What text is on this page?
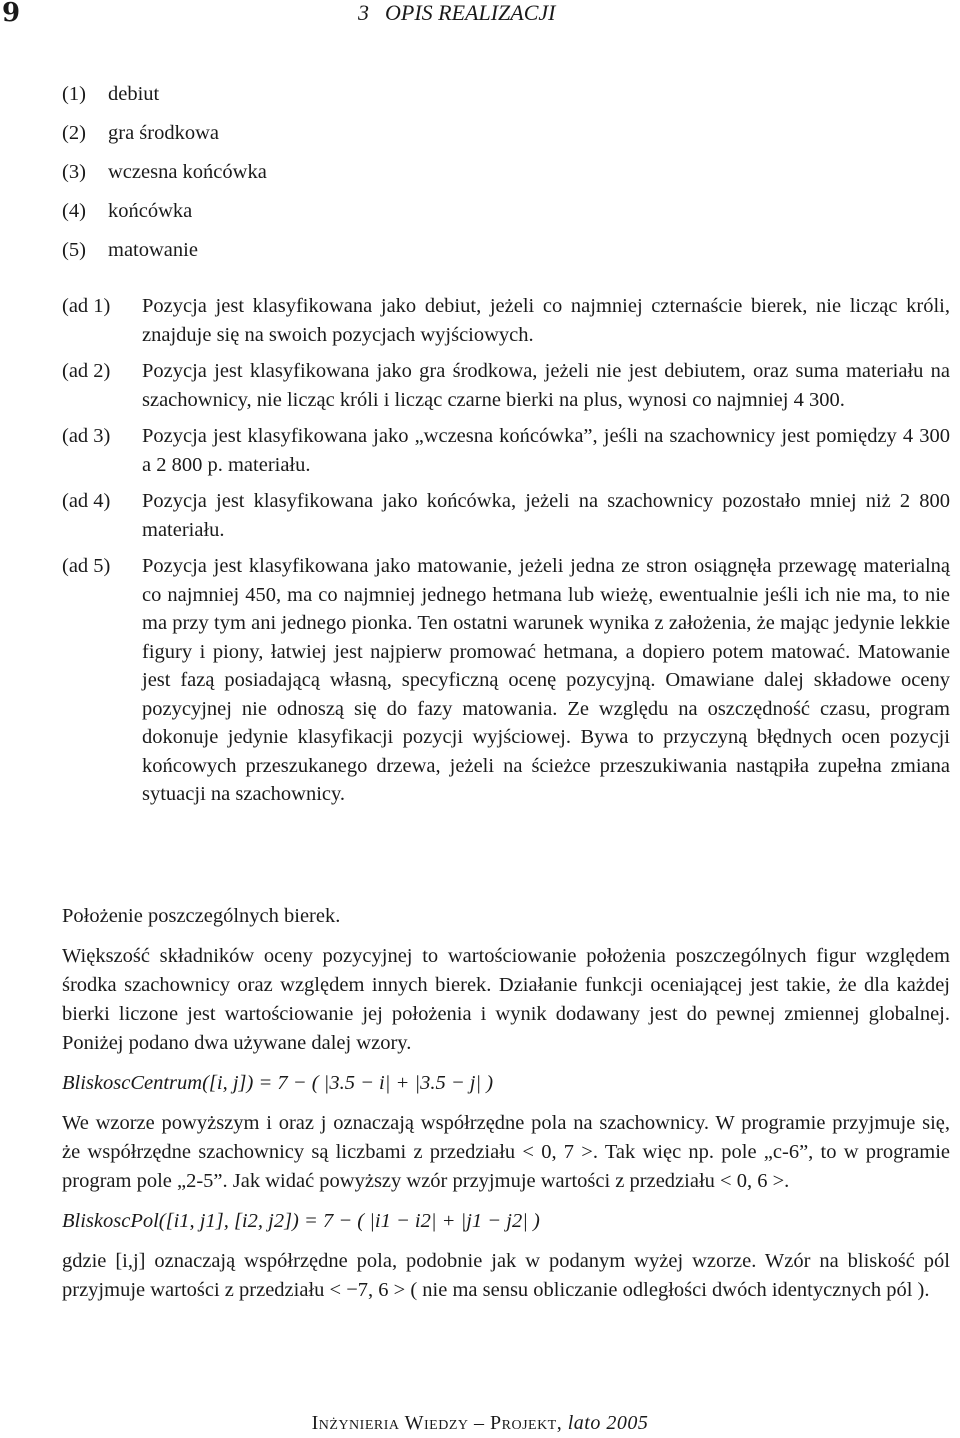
9	3 OPIS REALIZACJI
(1) debiut
(2) gra środkowa
(3) wczesna końcówka
(4) końcówka
(5) matowanie
(ad 1)	Pozycja jest klasyfikowana jako debiut, jeżeli co najmniej czternaście bierek, nie licząc króli, znajduje się na swoich pozycjach wyjściowych.
(ad 2)	Pozycja jest klasyfikowana jako gra środkowa, jeżeli nie jest debiutem, oraz suma materiału na szachownicy, nie licząc króli i licząc czarne bierki na plus, wynosi co najmniej 4 300.
(ad 3)	Pozycja jest klasyfikowana jako „wczesna końcówka”, jeśli na szachownicy jest pomiędzy 4 300 a 2 800 p. materiału.
(ad 4)	Pozycja jest klasyfikowana jako końcówka, jeżeli na szachownicy pozostało mniej niż 2 800 materiału.
(ad 5)	Pozycja jest klasyfikowana jako matowanie, jeżeli jedna ze stron osiągnęła przewagę materialną co najmniej 450, ma co najmniej jednego hetmana lub wieżę, ewentualnie jeśli ich nie ma, to nie ma przy tym ani jednego pionka. Ten ostatni warunek wynika z założenia, że mając jedynie lekkie figury i piony, łatwiej jest najpierw promować hetmana, a dopiero potem matować. Matowanie jest fazą posiadającą własną, specyficzną ocenę pozycyjną. Omawiane dalej składowe oceny pozycyjnej nie odnoszą się do fazy matowania. Ze względu na oszczędność czasu, program dokonuje jedynie klasyfikacji pozycji wyjściowej. Bywa to przyczyną błędnych ocen pozycji końcowych przeszukanego drzewa, jeżeli na ścieżce przeszukiwania nastąpiła zupełna zmiana sytuacji na szachownicy.

Położenie poszczególnych bierek.

Większość składników oceny pozycyjnej to wartościowanie położenia poszczególnych figur względem środka szachownicy oraz względem innych bierek. Działanie funkcji oceniającej jest takie, że dla każdej bierki liczone jest wartościowanie jej położenia i wynik dodawany jest do pewnej zmiennej globalnej. Poniżej podano dwa używane dalej wzory.

BliskoscCentrum([i, j]) = 7 − ( |3.5 − i| + |3.5 − j| )

We wzorze powyższym i oraz j oznaczają współrzędne pola na szachownicy. W programie przyjmuje się, że współrzędne szachownicy są liczbami z przedziału < 0, 7 >. Tak więc np. pole „c-6”, to w programie program pole „2-5”. Jak widać powyższy wzór przyjmuje wartości z przedziału < 0, 6 >.

BliskoscPol([i1, j1], [i2, j2]) = 7 − ( |i1 − i2| + |j1 − j2| )

gdzie [i,j] oznaczają współrzędne pola, podobnie jak w podanym wyżej wzorze. Wzór na bliskość pól przyjmuje wartości z przedziału < −7, 6 > ( nie ma sensu obliczanie odległości dwóch identycznych pól ).

Inżynieria Wiedzy – Projekt, lato 2005
